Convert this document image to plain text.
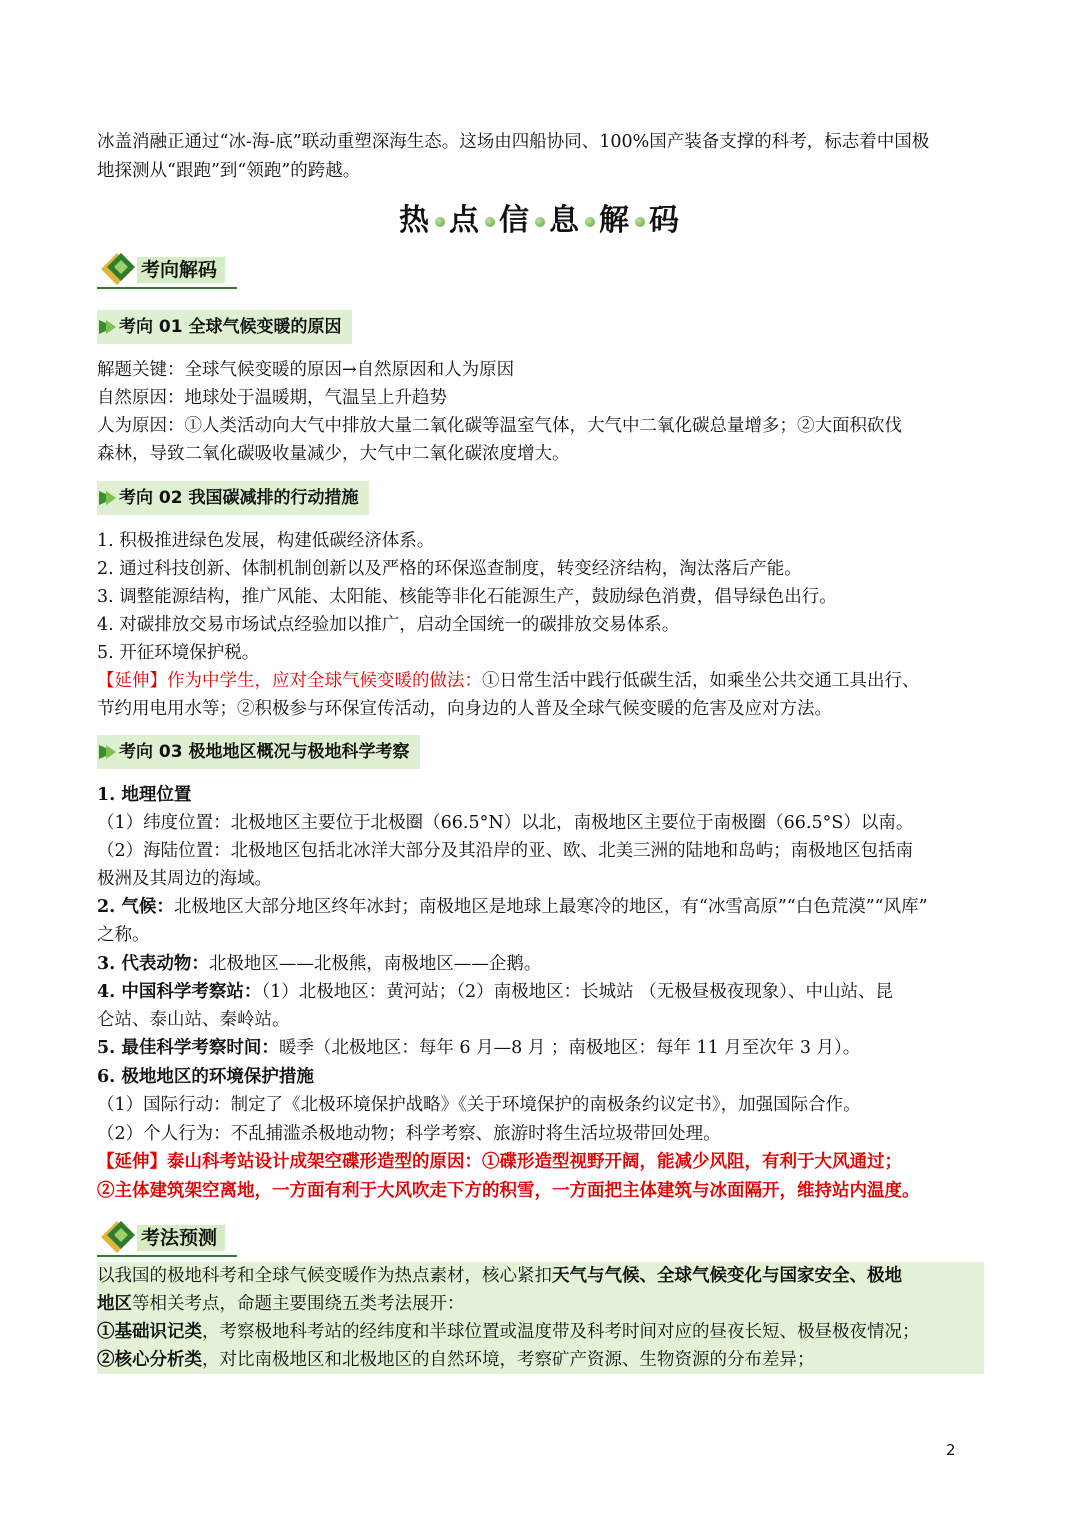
冰盖消融正通过“冰-海-底”联动重塑深海生态。这场由四船协同、100%国产装备支撑的科考，标志着中国极

地探测从“跟跑”到“领跑”的跨越。

热 点 信 息 解 码
考向解码
考向 01 全球气候变暖的原因

解题关键：全球气候变暖的原因→自然原因和人为原因

自然原因：地球处于温暖期，气温呈上升趋势

人为原因：①人类活动向大气中排放大量二氧化碳等温室气体，大气中二氧化碳总量增多；②大面积砍伐

森林，导致二氧化碳吸收量减少，大气中二氧化碳浓度增大。

考向 02 我国碳减排的行动措施

1. 积极推进绿色发展，构建低碳经济体系。

2. 通过科技创新、体制机制创新以及严格的环保巡查制度，转变经济结构，淘汰落后产能。

3. 调整能源结构，推广风能、太阳能、核能等非化石能源生产，鼓励绿色消费，倡导绿色出行。

4. 对碳排放交易市场试点经验加以推广，启动全国统一的碳排放交易体系。

5. 开征环境保护税。

【延伸】作为中学生，应对全球气候变暖的做法：①日常生活中践行低碳生活，如乘坐公共交通工具出行、

节约用电用水等；②积极参与环保宣传活动，向身边的人普及全球气候变暖的危害及应对方法。

考向 03 极地地区概况与极地科学考察

1. 地理位置

（1）纬度位置：北极地区主要位于北极圈（66.5°N）以北，南极地区主要位于南极圈（66.5°S）以南。

（2）海陆位置：北极地区包括北冰洋大部分及其沿岸的亚、欧、北美三洲的陆地和岛屿；南极地区包括南

极洲及其周边的海域。

2. 气候：北极地区大部分地区终年冰封；南极地区是地球上最寒冷的地区，有“冰雪高原”“白色荒漠”“风库”

之称。

3. 代表动物：北极地区——北极熊，南极地区——企鹅。

4. 中国科学考察站：（1）北极地区：黄河站；（2）南极地区：长城站 （无极昼极夜现象）、中山站、昆

仑站、泰山站、秦岭站。

5. 最佳科学考察时间：暖季（北极地区：每年 6 月—8 月 ；南极地区：每年 11 月至次年 3 月）。

6. 极地地区的环境保护措施

（1）国际行动：制定了《北极环境保护战略》《关于环境保护的南极条约议定书》，加强国际合作。

（2）个人行为：不乱捕滥杀极地动物；科学考察、旅游时将生活垃圾带回处理。

【延伸】泰山科考站设计成架空碟形造型的原因：①碟形造型视野开阔，能减少风阻，有利于大风通过；

②主体建筑架空离地，一方面有利于大风吹走下方的积雪，一方面把主体建筑与冰面隔开，维持站内温度。

考法预测

以我国的极地科考和全球气候变暖作为热点素材，核心紧扣天气与气候、全球气候变化与国家安全、极地

地区等相关考点，命题主要围绕五类考法展开：

①基础识记类，考察极地科考站的经纬度和半球位置或温度带及科考时间对应的昼夜长短、极昼极夜情况；

②核心分析类，对比南极地区和北极地区的自然环境，考察矿产资源、生物资源的分布差异；

2
